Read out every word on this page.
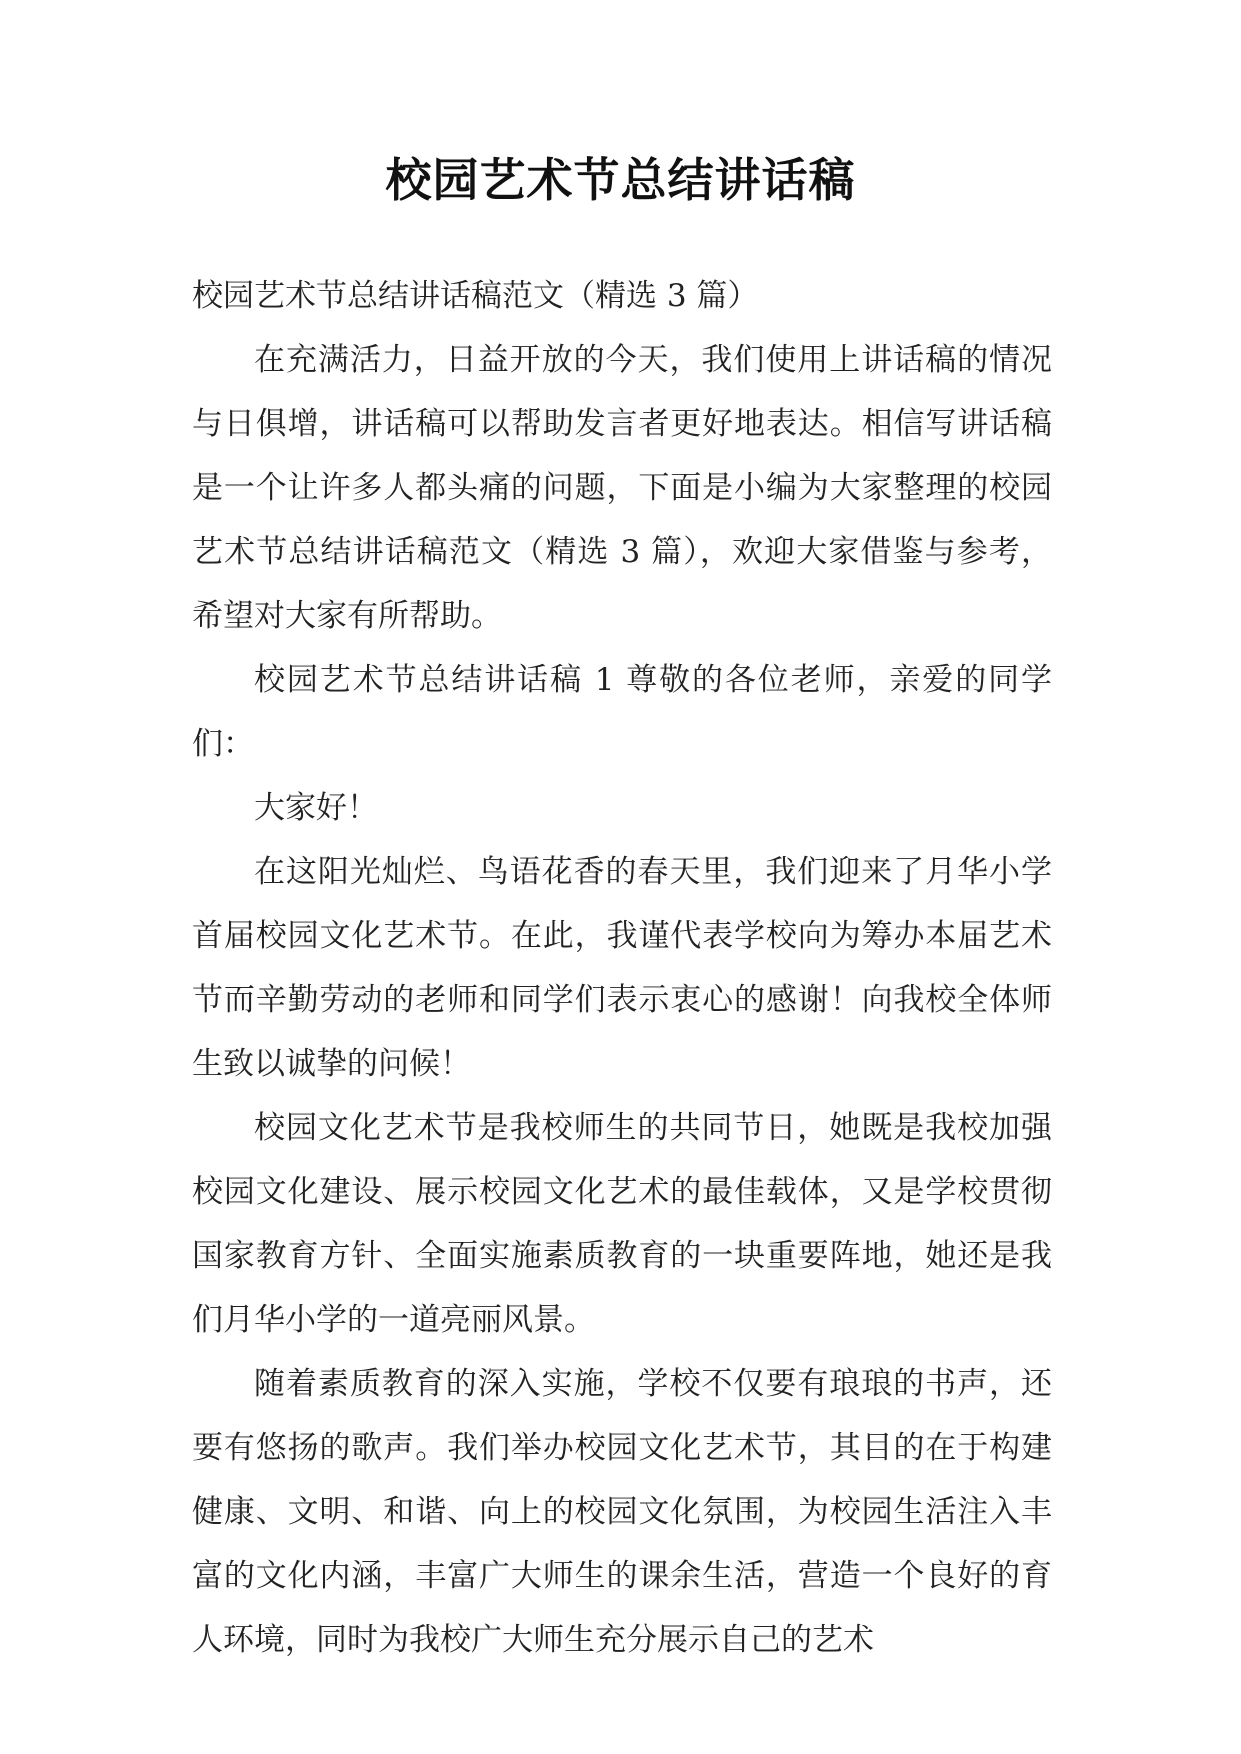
校园艺术节总结讲话稿

校园艺术节总结讲话稿范文（精选 3 篇）

在充满活力，日益开放的今天，我们使用上讲话稿的情况与日俱增，讲话稿可以帮助发言者更好地表达。相信写讲话稿是一个让许多人都头痛的问题，下面是小编为大家整理的校园艺术节总结讲话稿范文（精选 3 篇），欢迎大家借鉴与参考，希望对大家有所帮助。

校园艺术节总结讲话稿 1 尊敬的各位老师，亲爱的同学们：

大家好！

在这阳光灿烂、鸟语花香的春天里，我们迎来了月华小学首届校园文化艺术节。在此，我谨代表学校向为筹办本届艺术节而辛勤劳动的老师和同学们表示衷心的感谢！向我校全体师生致以诚挚的问候！

校园文化艺术节是我校师生的共同节日，她既是我校加强校园文化建设、展示校园文化艺术的最佳载体，又是学校贯彻国家教育方针、全面实施素质教育的一块重要阵地，她还是我们月华小学的一道亮丽风景。

随着素质教育的深入实施，学校不仅要有琅琅的书声，还要有悠扬的歌声。我们举办校园文化艺术节，其目的在于构建健康、文明、和谐、向上的校园文化氛围，为校园生活注入丰富的文化内涵，丰富广大师生的课余生活，营造一个良好的育人环境，同时为我校广大师生充分展示自己的艺术
